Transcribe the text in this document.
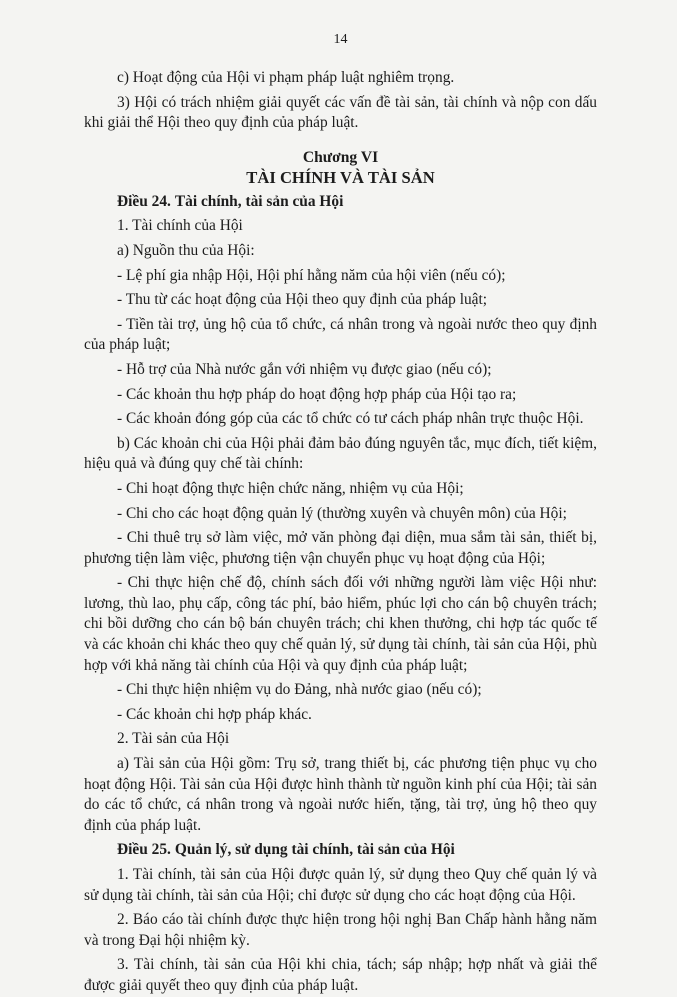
14

c) Hoạt động của Hội vi phạm pháp luật nghiêm trọng.

3) Hội có trách nhiệm giải quyết các vấn đề tài sản, tài chính và nộp con dấu khi giải thể Hội theo quy định của pháp luật.

Chương VI
TÀI CHÍNH VÀ TÀI SẢN

Điều 24. Tài chính, tài sản của Hội

1. Tài chính của Hội

a) Nguồn thu của Hội:

- Lệ phí gia nhập Hội, Hội phí hằng năm của hội viên (nếu có);

- Thu từ các hoạt động của Hội theo quy định của pháp luật;

- Tiền tài trợ, ủng hộ của tổ chức, cá nhân trong và ngoài nước theo quy định của pháp luật;

- Hỗ trợ của Nhà nước gắn với nhiệm vụ được giao (nếu có);

- Các khoản thu hợp pháp do hoạt động hợp pháp của Hội tạo ra;

- Các khoản đóng góp của các tổ chức có tư cách pháp nhân trực thuộc Hội.

b) Các khoản chi của Hội phải đảm bảo đúng nguyên tắc, mục đích, tiết kiệm, hiệu quả và đúng quy chế tài chính:

- Chi hoạt động thực hiện chức năng, nhiệm vụ của Hội;

- Chi cho các hoạt động quản lý (thường xuyên và chuyên môn) của Hội;

- Chi thuê trụ sở làm việc, mở văn phòng đại diện, mua sắm tài sản, thiết bị, phương tiện làm việc, phương tiện vận chuyển phục vụ hoạt động của Hội;

- Chi thực hiện chế độ, chính sách đối với những người làm việc Hội như: lương, thù lao, phụ cấp, công tác phí, bảo hiểm, phúc lợi cho cán bộ chuyên trách; chi bồi dưỡng cho cán bộ bán chuyên trách; chi khen thưởng, chi hợp tác quốc tế và các khoản chi khác theo quy chế quản lý, sử dụng tài chính, tài sản của Hội, phù hợp với khả năng tài chính của Hội và quy định của pháp luật;

- Chi thực hiện nhiệm vụ do Đảng, nhà nước giao (nếu có);

- Các khoản chi hợp pháp khác.

2. Tài sản của Hội

a) Tài sản của Hội gồm: Trụ sở, trang thiết bị, các phương tiện phục vụ cho hoạt động Hội. Tài sản của Hội được hình thành từ nguồn kinh phí của Hội; tài sản do các tổ chức, cá nhân trong và ngoài nước hiến, tặng, tài trợ, ủng hộ theo quy định của pháp luật.

Điều 25. Quản lý, sử dụng tài chính, tài sản của Hội

1. Tài chính, tài sản của Hội được quản lý, sử dụng theo Quy chế quản lý và sử dụng tài chính, tài sản của Hội; chỉ được sử dụng cho các hoạt động của Hội.

2. Báo cáo tài chính được thực hiện trong hội nghị Ban Chấp hành hằng năm và trong Đại hội nhiệm kỳ.

3. Tài chính, tài sản của Hội khi chia, tách; sáp nhập; hợp nhất và giải thể được giải quyết theo quy định của pháp luật.
